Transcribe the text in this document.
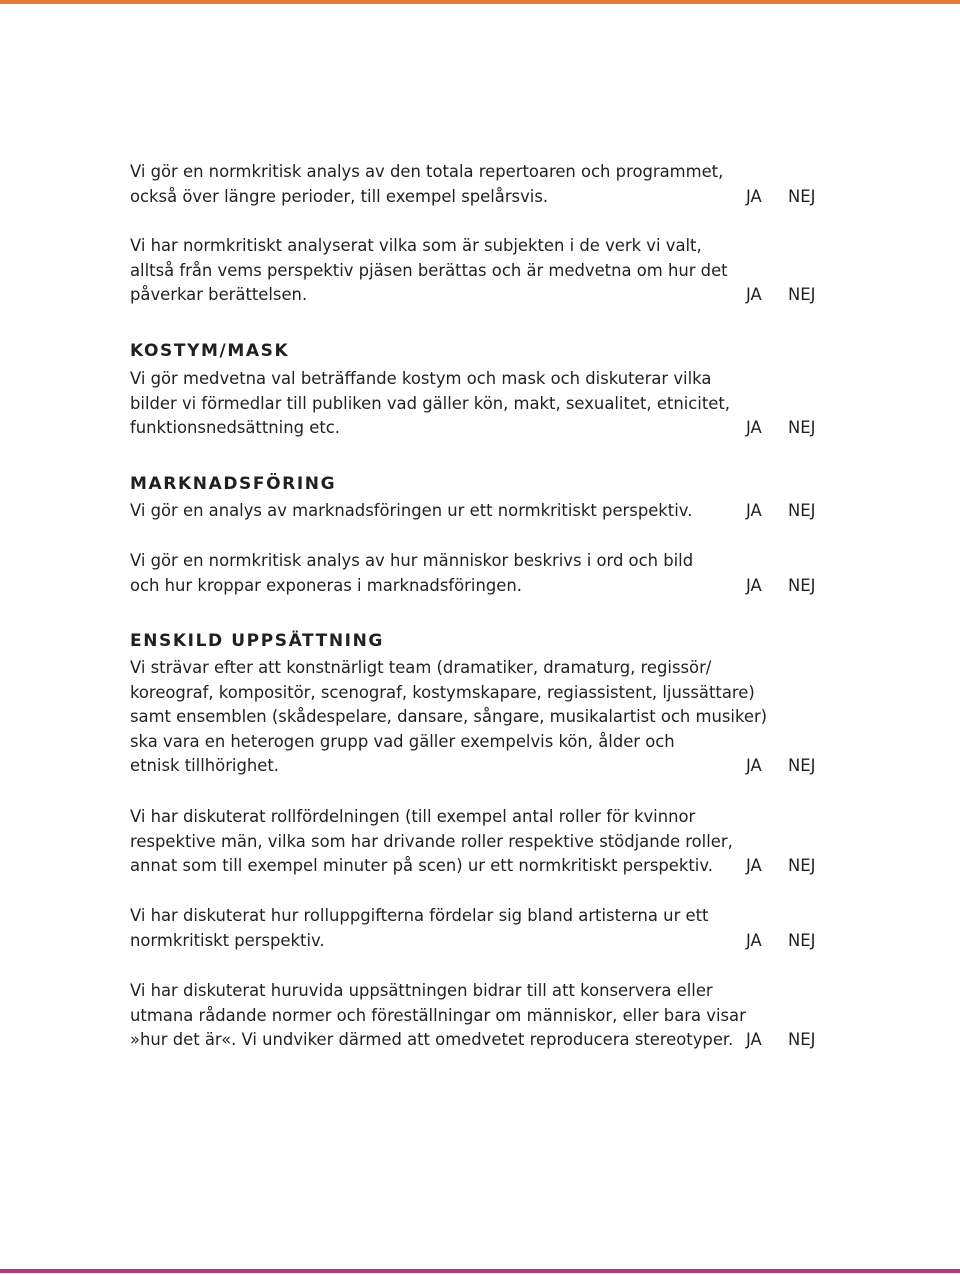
Vi gör en normkritisk analys av den totala repertoaren och programmet,
också över längre perioder, till exempel spelårsvis.	JA	NEJ

Vi har normkritiskt analyserat vilka som är subjekten i de verk vi valt,
alltså från vems perspektiv pjäsen berättas och är medvetna om hur det
påverkar berättelsen.	JA	NEJ
KOSTYM/MASK

Vi gör medvetna val beträffande kostym och mask och diskuterar vilka
bilder vi förmedlar till publiken vad gäller kön, makt, sexualitet, etnicitet,
funktionsnedsättning etc.	JA	NEJ
MARKNADSFÖRING

Vi gör en analys av marknadsföringen ur ett normkritiskt perspektiv.	JA	NEJ

Vi gör en normkritisk analys av hur människor beskrivs i ord och bild
och hur kroppar exponeras i marknadsföringen.	JA	NEJ
ENSKILD UPPSÄTTNING

Vi strävar efter att konstnärligt team (dramatiker, dramaturg, regissör/
koreograf, kompositör, scenograf, kostymskapare, regiassistent, ljussättare)
samt ensemblen (skådespelare, dansare, sångare, musikalartist och musiker)
ska vara en heterogen grupp vad gäller exempelvis kön, ålder och
etnisk tillhörighet.	JA	NEJ

Vi har diskuterat rollfördelningen (till exempel antal roller för kvinnor
respektive män, vilka som har drivande roller respektive stödjande roller,
annat som till exempel minuter på scen) ur ett normkritiskt perspektiv.	JA	NEJ

Vi har diskuterat hur rolluppgifterna fördelar sig bland artisterna ur ett
normkritiskt perspektiv.	JA	NEJ

Vi har diskuterat huruvida uppsättningen bidrar till att konservera eller
utmana rådande normer och föreställningar om människor, eller bara visar
»hur det är«. Vi undviker därmed att omedvetet reproducera stereotyper. JA	NEJ
